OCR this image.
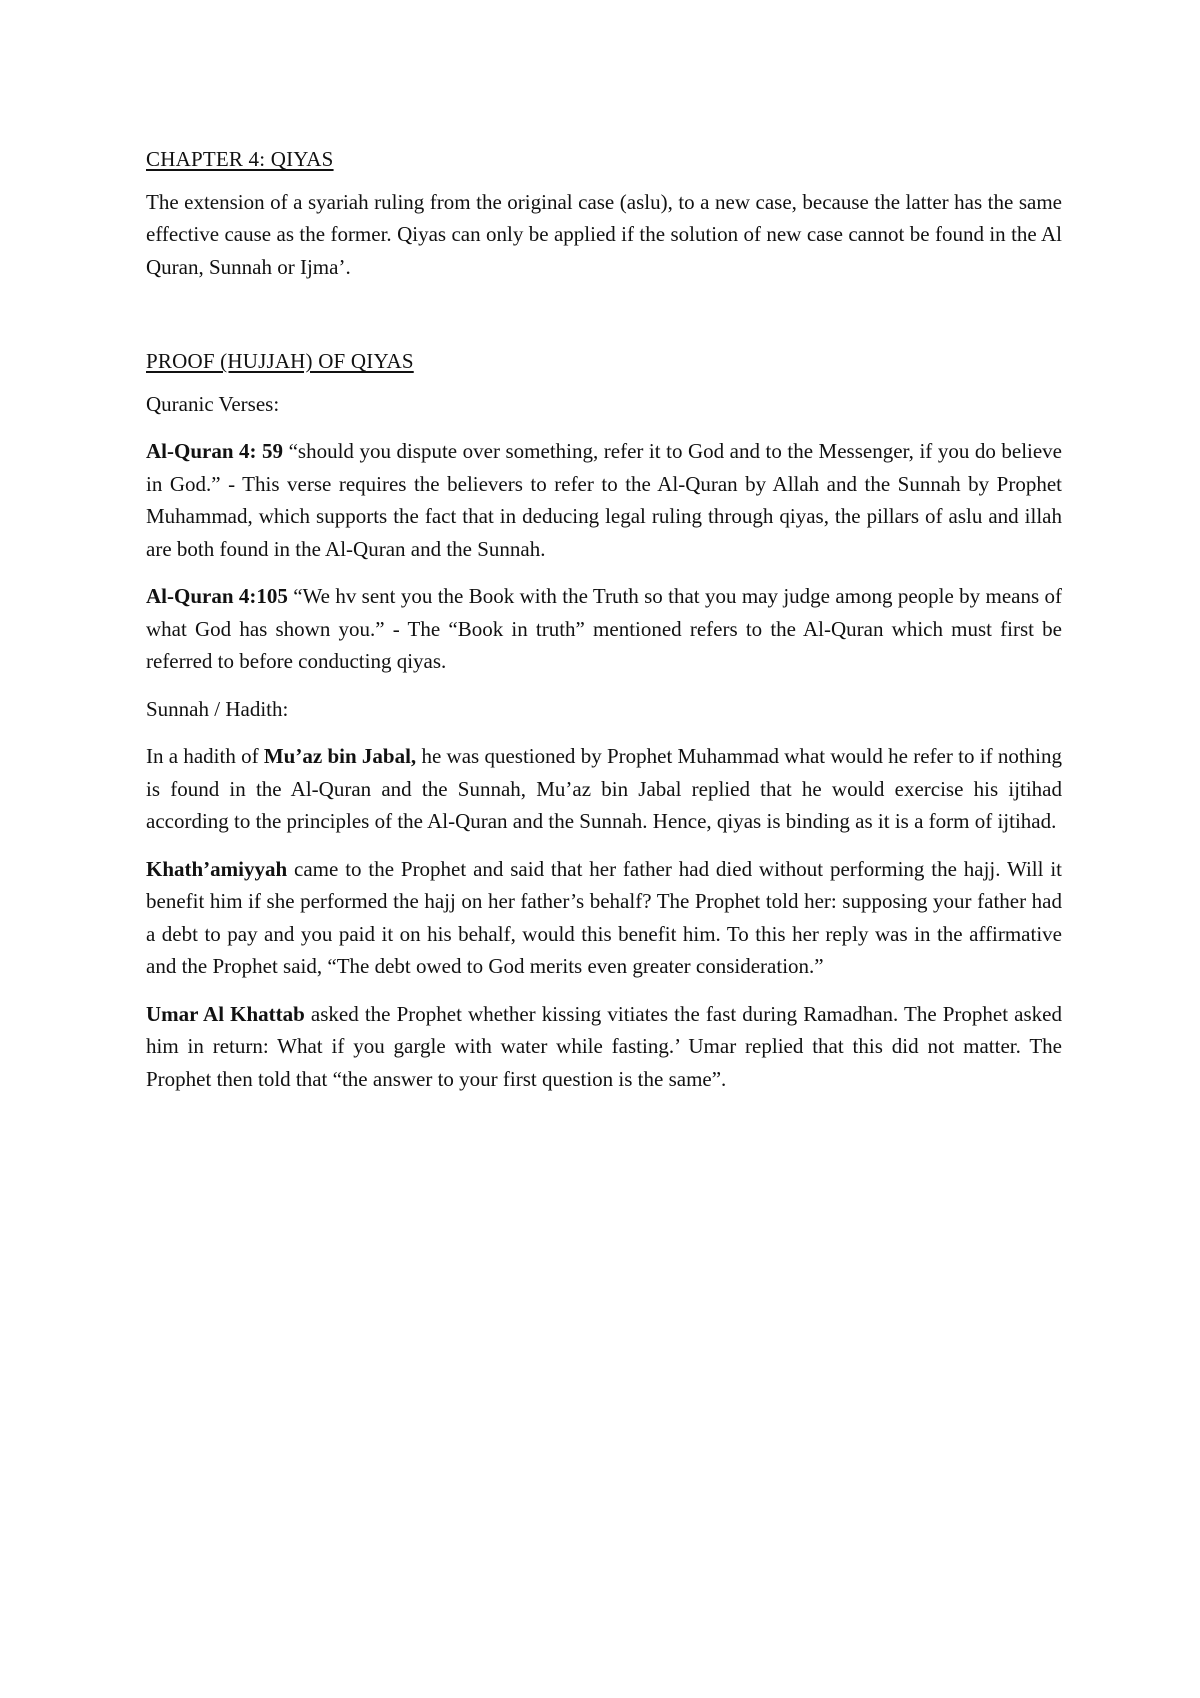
CHAPTER 4: QIYAS

The extension of a syariah ruling from the original case (aslu), to a new case, because the latter has the same effective cause as the former. Qiyas can only be applied if the solution of new case cannot be found in the Al Quran, Sunnah or Ijma’.

PROOF (HUJJAH) OF QIYAS

Quranic Verses:

Al-Quran 4: 59 “should you dispute over something, refer it to God and to the Messenger, if you do believe in God.” - This verse requires the believers to refer to the Al-Quran by Allah and the Sunnah by Prophet Muhammad, which supports the fact that in deducing legal ruling through qiyas, the pillars of aslu and illah are both found in the Al-Quran and the Sunnah.

Al-Quran 4:105 “We hv sent you the Book with the Truth so that you may judge among people by means of what God has shown you.” - The “Book in truth” mentioned refers to the Al-Quran which must first be referred to before conducting qiyas.

Sunnah / Hadith:

In a hadith of Mu’az bin Jabal, he was questioned by Prophet Muhammad what would he refer to if nothing is found in the Al-Quran and the Sunnah, Mu’az bin Jabal replied that he would exercise his ijtihad according to the principles of the Al-Quran and the Sunnah. Hence, qiyas is binding as it is a form of ijtihad.

Khath’amiyyah came to the Prophet and said that her father had died without performing the hajj. Will it benefit him if she performed the hajj on her father’s behalf? The Prophet told her: supposing your father had a debt to pay and you paid it on his behalf, would this benefit him. To this her reply was in the affirmative and the Prophet said, “The debt owed to God merits even greater consideration.”

Umar Al Khattab asked the Prophet whether kissing vitiates the fast during Ramadhan. The Prophet asked him in return: What if you gargle with water while fasting.’ Umar replied that this did not matter. The Prophet then told that “the answer to your first question is the same”.
